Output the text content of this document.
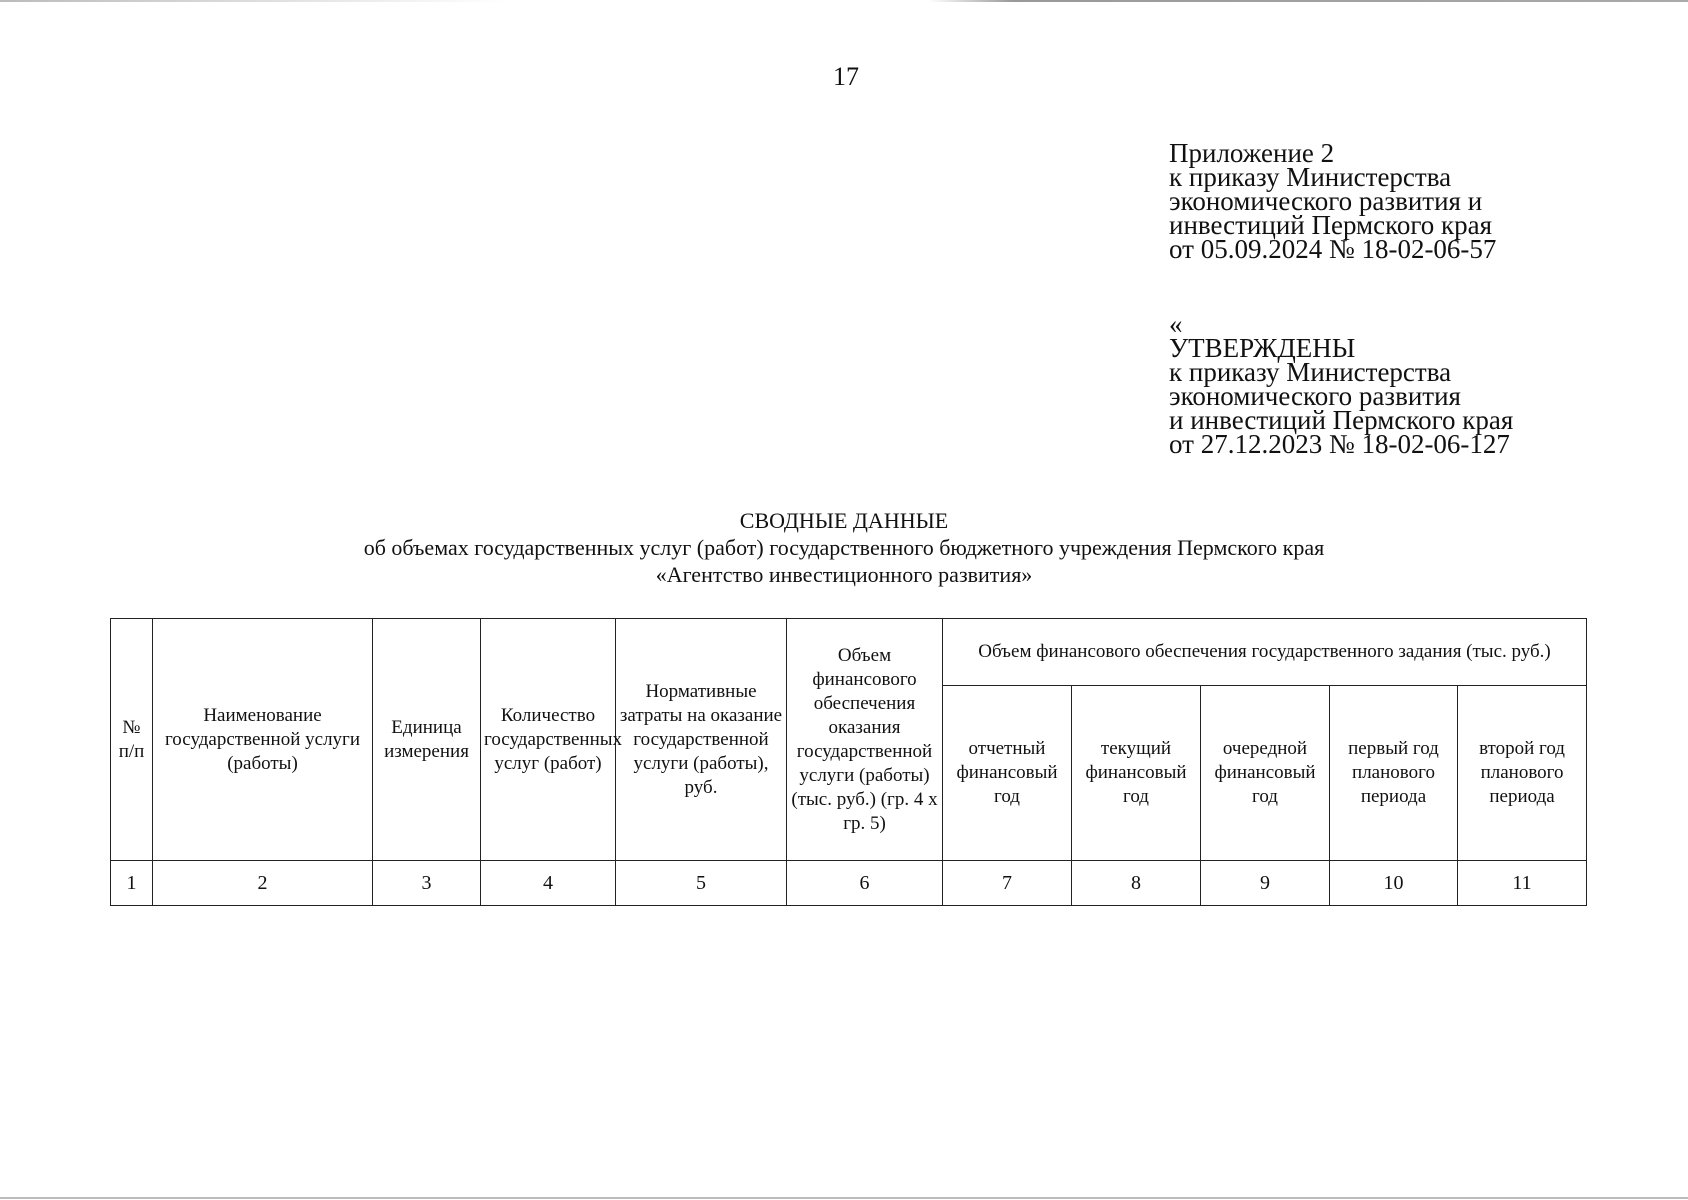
17
Приложение 2
к приказу Министерства
экономического развития и
инвестиций Пермского края
от 05.09.2024 № 18-02-06-57
«
УТВЕРЖДЕНЫ
к приказу Министерства
экономического развития
и инвестиций Пермского края
от 27.12.2023 № 18-02-06-127
СВОДНЫЕ ДАННЫЕ
об объемах государственных услуг (работ) государственного бюджетного учреждения Пермского края
«Агентство инвестиционного развития»
№ п/п	Наименование государственной услуги (работы)	Единица измерения	Количество государственных услуг (работ)	Нормативные затраты на оказание государственной услуги (работы), руб.	Объем финансового обеспечения оказания государственной услуги (работы) (тыс. руб.) (гр. 4 x гр. 5)	Объем финансового обеспечения государственного задания (тыс. руб.)				
						отчетный финансовый год	текущий финансовый год	очередной финансовый год	первый год планового периода	второй год планового периода
1	2	3	4	5	6	7	8	9	10	11
